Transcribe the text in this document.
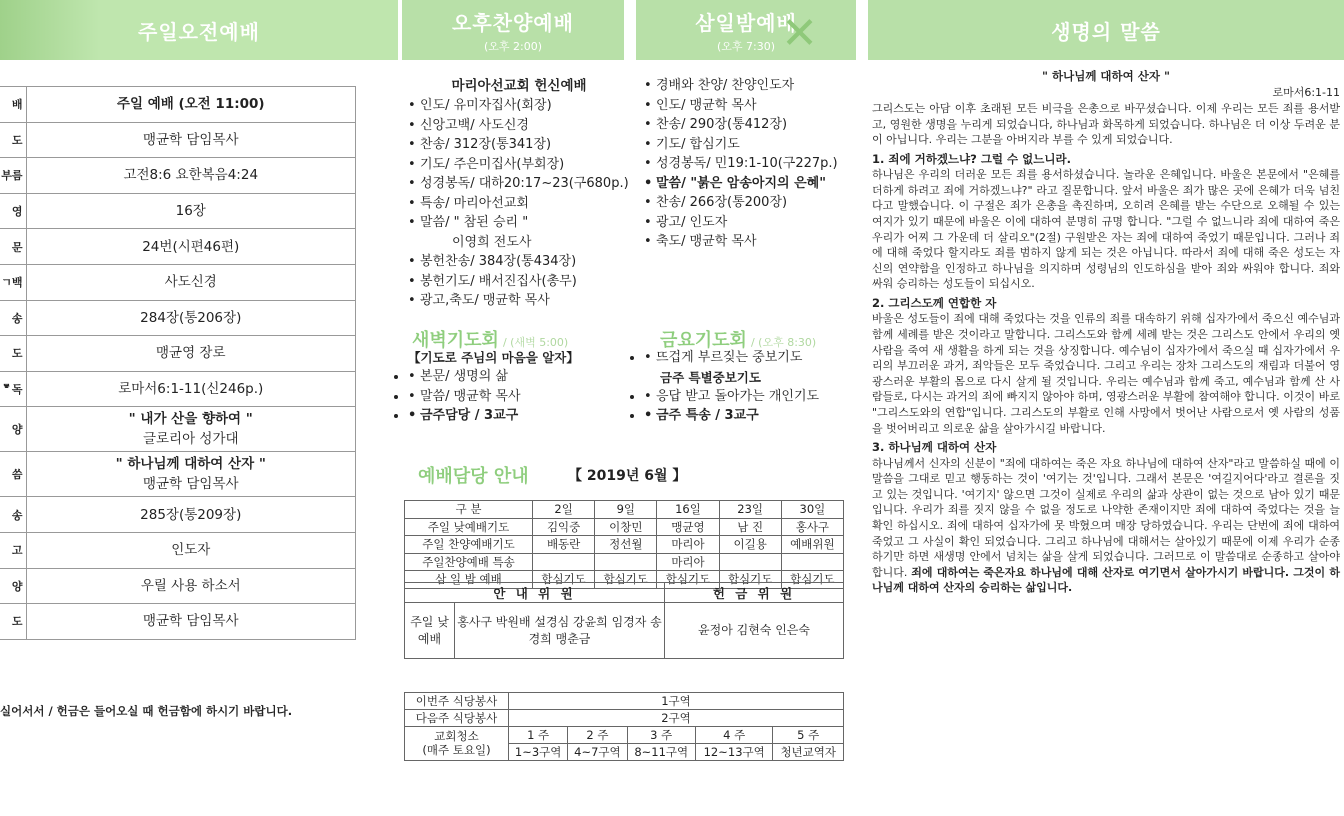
주일오전예배	오후찬양예배
(오후 2:00)
삼일밤예배
(오후 7:30) ✕	생명의 말씀
배	주일 예배 (오전 11:00)

도	맹균학 담임목사

부름	고전8:6 요한복음4:24

영	16장

문	24번(시편46편)

ㄱ백	사도신경

송	284장(통206장)

도	맹균영 장로

ᄛ독	로마서6:1-11(신246p.)

양	" 내가 산을 향하여 "
글로리아 성가대

씀	" 하나님께 대하여 산자 "
맹균학 담임목사

송	285장(통209장)

고	인도자

양	우릴 사용 하소서

도	맹균학 담임목사
실어서서 / 헌금은 들어오실 때 헌금함에 하시기 바랍니다.
마리아선교회 헌신예배
• 인도/ 유미자집사(회장)
• 신앙고백/ 사도신경
• 찬송/ 312장(통341장)
• 기도/ 주은미집사(부회장)
• 성경봉독/ 대하20:17~23(구680p.)
• 특송/ 마리아선교회
• 말씀/ " 참된 승리 "
이영희 전도사
• 봉헌찬송/ 384장(통434장)
• 봉헌기도/ 배서진집사(총무)
• 광고,축도/ 맹균학 목사
• 경배와 찬양/ 찬양인도자
• 인도/ 맹균학 목사
• 찬송/ 290장(통412장)
• 기도/ 합심기도
• 성경봉독/ 민19:1-10(구227p.)
• 말씀/ "붉은 암송아지의 은혜"
• 찬송/ 266장(통200장)
• 광고/ 인도자
• 축도/ 맹균학 목사
새벽기도회 / (새벽 5:00)
【기도로 주님의 마음을 알자】
• • 본문/ 생명의 삶
• • 말씀/ 맹균학 목사
• • 금주담당 / 3교구
금요기도회 / (오후 8:30)
• • 뜨겁게 부르짖는 중보기도
금주 특별중보기도
• • 응답 받고 돌아가는 개인기도
• • 금주 특송 / 3교구
예배담당 안내	【 2019년 6월 】
구 분	2일	9일	16일	23일	30일
주일 낮예배기도	김익중	이창민	맹균영	남 진	홍사구
주일 찬양예배기도	배동란	정선월	마리아	이길용	예배위원
주일찬양예배 특송			마리아		
삼 일 밤 예배	합심기도	합심기도	합심기도	합심기도	합심기도
안 내 위 원		헌 금 위 원
주일 낮예배	홍사구 박원배 설경심 강윤희 임경자 송경희 맹춘금	윤정아 김현숙 인은숙
이번주 식당봉사	1구역				
다음주 식당봉사	2구역				

교회청소
(매주 토요일)	1 주	2 주	3 주	4 주	5 주
	1~3구역	4~7구역	8~11구역	12~13구역	청년교역자
" 하나님께 대하여 산자 "
로마서6:1-11

그리스도는 아담 이후 초래된 모든 비극을 은총으로 바꾸셨습니다. 이제 우리는 모든 죄를 용서받고, 영원한 생명을 누리게 되었습니다, 하나님과 화목하게 되었습니다. 하나님은 더 이상 두려운 분이 아닙니다. 우리는 그분을 아버지라 부를 수 있게 되었습니다.

1. 죄에 거하겠느냐? 그럴 수 없느니라.

하나님은 우리의 더러운 모든 죄를 용서하셨습니다. 놀라운 은혜입니다. 바울은 본문에서 "은혜를 더하게 하려고 죄에 거하겠느냐?" 라고 질문합니다. 앞서 바울은 죄가 많은 곳에 은혜가 더욱 넘친다고 말했습니다. 이 구절은 죄가 은총을 촉진하며, 오히려 은혜를 받는 수단으로 오해될 수 있는 여지가 있기 때문에 바울은 이에 대하여 분명히 규명 합니다. "그럴 수 없느니라 죄에 대하여 죽은 우리가 어찌 그 가운데 더 살리오"(2절) 구원받은 자는 죄에 대하여 죽었기 때문입니다. 그러나 죄에 대해 죽었다 할지라도 죄를 범하지 않게 되는 것은 아닙니다. 따라서 죄에 대해 죽은 성도는 자신의 연약함을 인정하고 하나님을 의지하며 성령님의 인도하심을 받아 죄와 싸워야 합니다. 죄와 싸워 승리하는 성도들이 되십시오.

2. 그리스도께 연합한 자

바울은 성도들이 죄에 대해 죽었다는 것을 인류의 죄를 대속하기 위해 십자가에서 죽으신 예수님과 함께 세례를 받은 것이라고 말합니다. 그리스도와 함께 세례 받는 것은 그리스도 안에서 우리의 옛사람을 죽여 새 생활을 하게 되는 것을 상징합니다. 예수님이 십자가에서 죽으실 때 십자가에서 우리의 부끄러운 과거, 죄악들은 모두 죽었습니다. 그리고 우리는 장차 그리스도의 재림과 더불어 영광스러운 부활의 몸으로 다시 살게 될 것입니다. 우리는 예수님과 함께 죽고, 예수님과 함께 산 사람들로, 다시는 과거의 죄에 빠지지 않아야 하며, 영광스러운 부활에 참여해야 합니다. 이것이 바로 "그리스도와의 연합"입니다. 그리스도의 부활로 인해 사망에서 벗어난 사람으로서 옛 사람의 성품을 벗어버리고 의로운 삶을 살아가시길 바랍니다.

3. 하나님께 대하여 산자

하나님께서 신자의 신분이 "죄에 대하여는 죽은 자요 하나님에 대하여 산자"라고 말씀하실 때에 이 말씀을 그대로 믿고 행동하는 것이 '여기는 것'입니다. 그래서 본문은 '여길지어다'라고 결론을 짓고 있는 것입니다. '여기지' 않으면 그것이 실제로 우리의 삶과 상관이 없는 것으로 남아 있기 때문입니다. 우리가 죄를 짓지 않을 수 없을 정도로 나약한 존재이지만 죄에 대하여 죽었다는 것을 늘 확인 하십시오. 죄에 대하여 십자가에 못 박혔으며 매장 당하였습니다. 우리는 단번에 죄에 대하여 죽었고 그 사실이 확인 되었습니다. 그리고 하나님에 대해서는 살아있기 때문에 이제 우리가 순종하기만 하면 새생명 안에서 넘치는 삶을 살게 되었습니다. 그러므로 이 말씀대로 순종하고 살아야 합니다. 죄에 대하여는 죽은자요 하나님에 대해 산자로 여기면서 살아가시기 바랍니다. 그것이 하나님께 대하여 산자의 승리하는 삶입니다.
